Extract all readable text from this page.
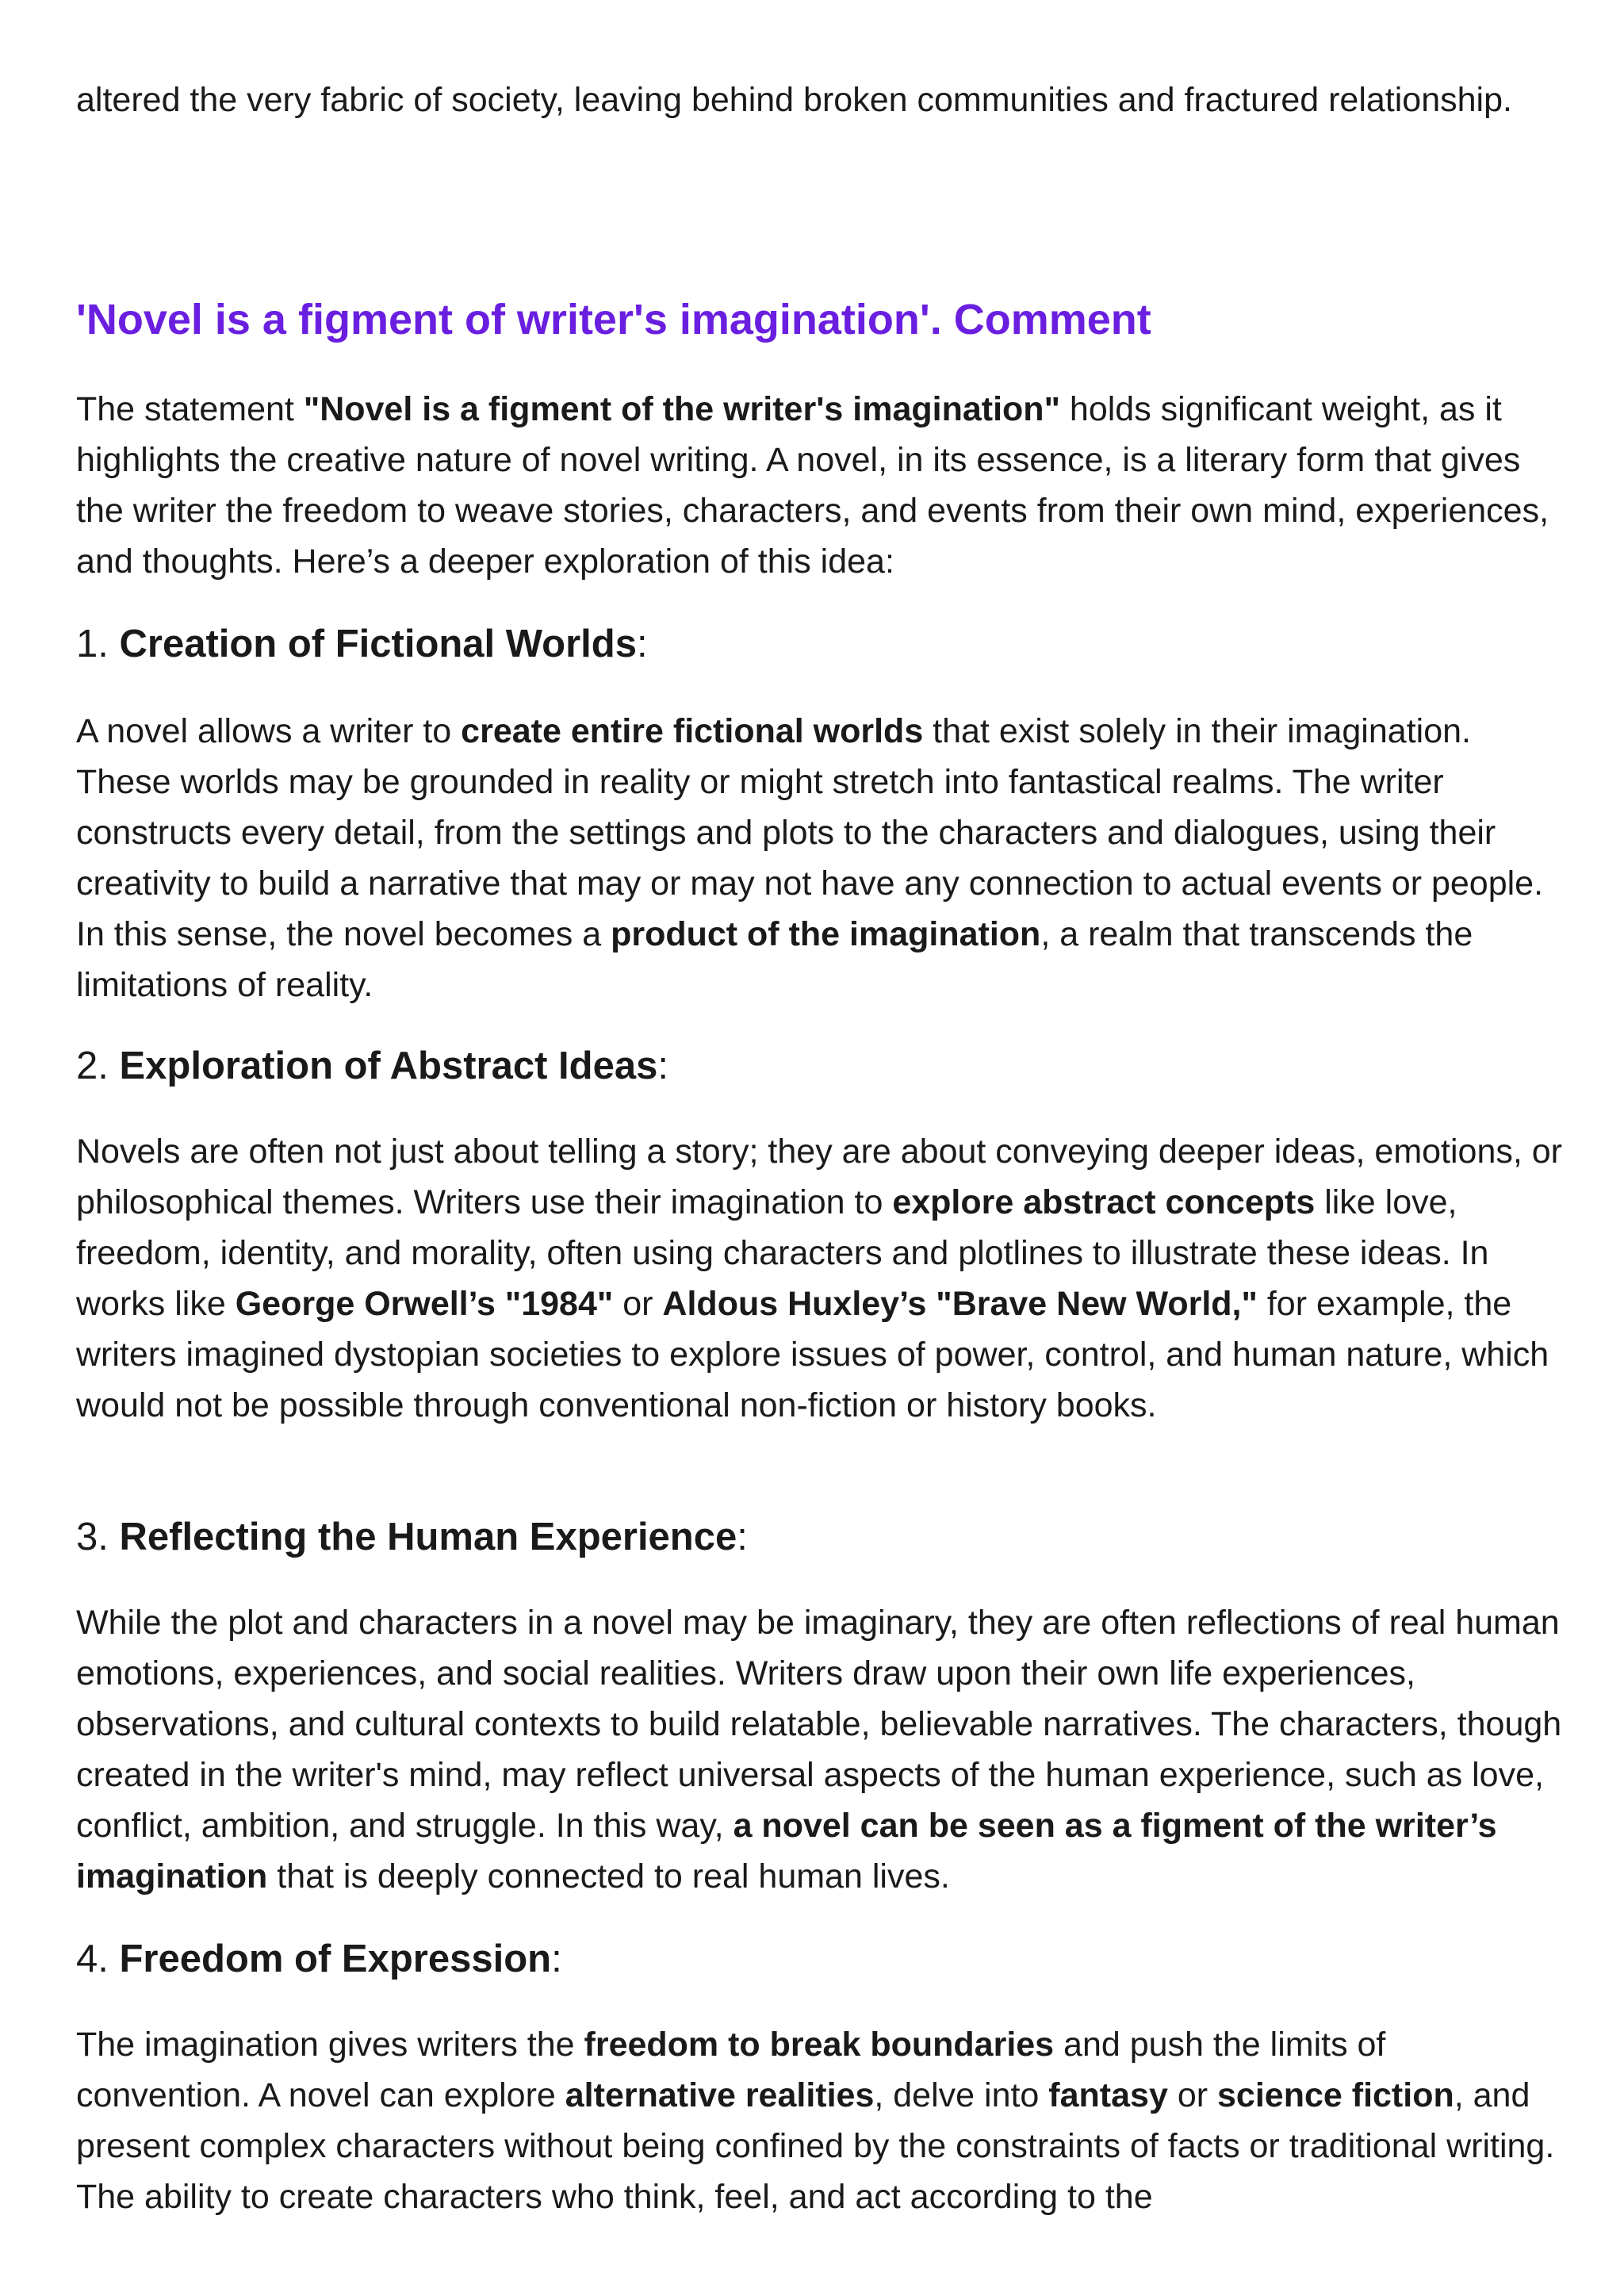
altered the very fabric of society, leaving behind broken communities and fractured relationship.

'Novel is a figment of writer's imagination'. Comment

The statement "Novel is a figment of the writer's imagination" holds significant weight, as it highlights the creative nature of novel writing. A novel, in its essence, is a literary form that gives the writer the freedom to weave stories, characters, and events from their own mind, experiences, and thoughts. Here’s a deeper exploration of this idea:

1. Creation of Fictional Worlds:

A novel allows a writer to create entire fictional worlds that exist solely in their imagination. These worlds may be grounded in reality or might stretch into fantastical realms. The writer constructs every detail, from the settings and plots to the characters and dialogues, using their creativity to build a narrative that may or may not have any connection to actual events or people. In this sense, the novel becomes a product of the imagination, a realm that transcends the limitations of reality.

2. Exploration of Abstract Ideas:

Novels are often not just about telling a story; they are about conveying deeper ideas, emotions, or philosophical themes. Writers use their imagination to explore abstract concepts like love, freedom, identity, and morality, often using characters and plotlines to illustrate these ideas. In works like George Orwell’s "1984" or Aldous Huxley’s "Brave New World," for example, the writers imagined dystopian societies to explore issues of power, control, and human nature, which would not be possible through conventional non-fiction or history books.

3. Reflecting the Human Experience:

While the plot and characters in a novel may be imaginary, they are often reflections of real human emotions, experiences, and social realities. Writers draw upon their own life experiences, observations, and cultural contexts to build relatable, believable narratives. The characters, though created in the writer's mind, may reflect universal aspects of the human experience, such as love, conflict, ambition, and struggle. In this way, a novel can be seen as a figment of the writer’s imagination that is deeply connected to real human lives.

4. Freedom of Expression:

The imagination gives writers the freedom to break boundaries and push the limits of convention. A novel can explore alternative realities, delve into fantasy or science fiction, and present complex characters without being confined by the constraints of facts or traditional writing. The ability to create characters who think, feel, and act according to the
